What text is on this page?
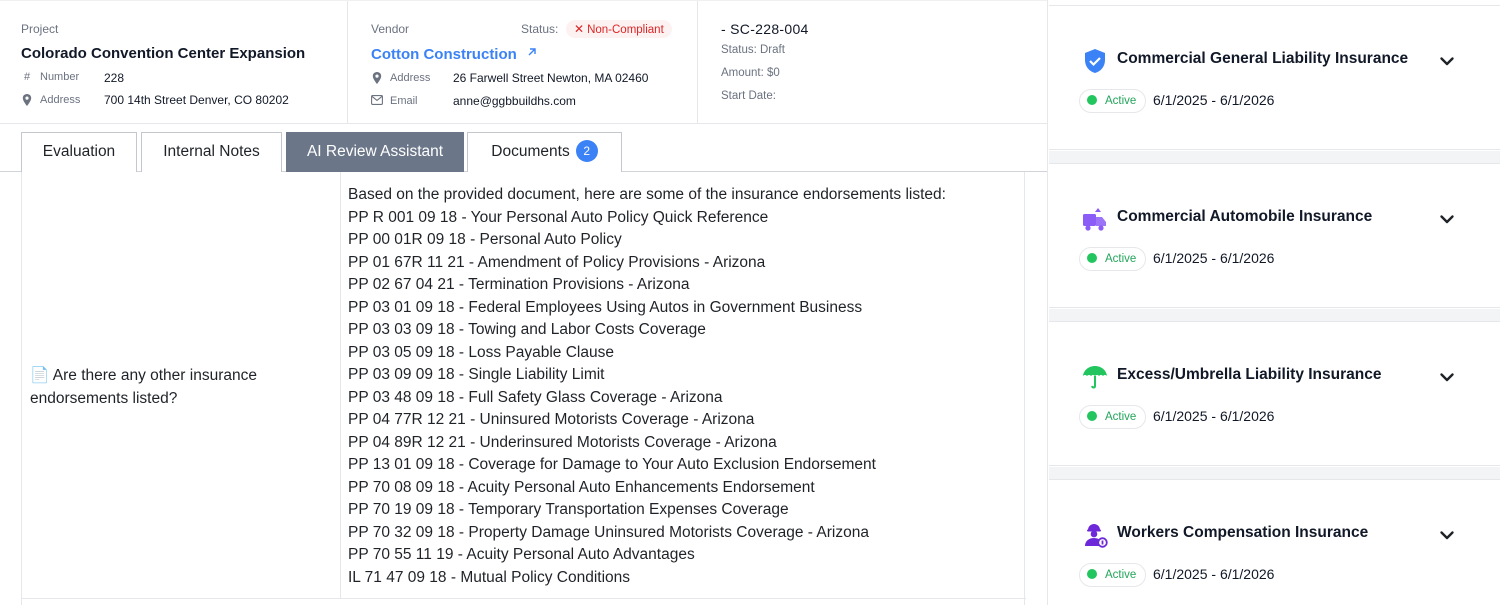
Project
Colorado Convention Center Expansion
# Number 228
Address 700 14th Street Denver, CO 80202
Vendor	Status:	✕ Non-Compliant
Cotton Construction
Address 26 Farwell Street Newton, MA 02460
Email	anne@ggbbuildhs.com
- SC-228-004
Status: Draft
Amount: $0
Start Date:
Evaluation	Internal Notes	AI Review Assistant	Documents 2
📄 Are there any other insurance endorsements listed?
Based on the provided document, here are some of the insurance endorsements listed:
PP R 001 09 18 - Your Personal Auto Policy Quick Reference
PP 00 01R 09 18 - Personal Auto Policy
PP 01 67R 11 21 - Amendment of Policy Provisions - Arizona
PP 02 67 04 21 - Termination Provisions - Arizona
PP 03 01 09 18 - Federal Employees Using Autos in Government Business
PP 03 03 09 18 - Towing and Labor Costs Coverage
PP 03 05 09 18 - Loss Payable Clause
PP 03 09 09 18 - Single Liability Limit
PP 03 48 09 18 - Full Safety Glass Coverage - Arizona
PP 04 77R 12 21 - Uninsured Motorists Coverage - Arizona
PP 04 89R 12 21 - Underinsured Motorists Coverage - Arizona
PP 13 01 09 18 - Coverage for Damage to Your Auto Exclusion Endorsement
PP 70 08 09 18 - Acuity Personal Auto Enhancements Endorsement
PP 70 19 09 18 - Temporary Transportation Expenses Coverage
PP 70 32 09 18 - Property Damage Uninsured Motorists Coverage - Arizona
PP 70 55 11 19 - Acuity Personal Auto Advantages
IL 71 47 09 18 - Mutual Policy Conditions
Commercial General Liability Insurance
Active	6/1/2025 - 6/1/2026
Commercial Automobile Insurance
Active	6/1/2025 - 6/1/2026
Excess/Umbrella Liability Insurance
Active	6/1/2025 - 6/1/2026
Workers Compensation Insurance
Active	6/1/2025 - 6/1/2026
